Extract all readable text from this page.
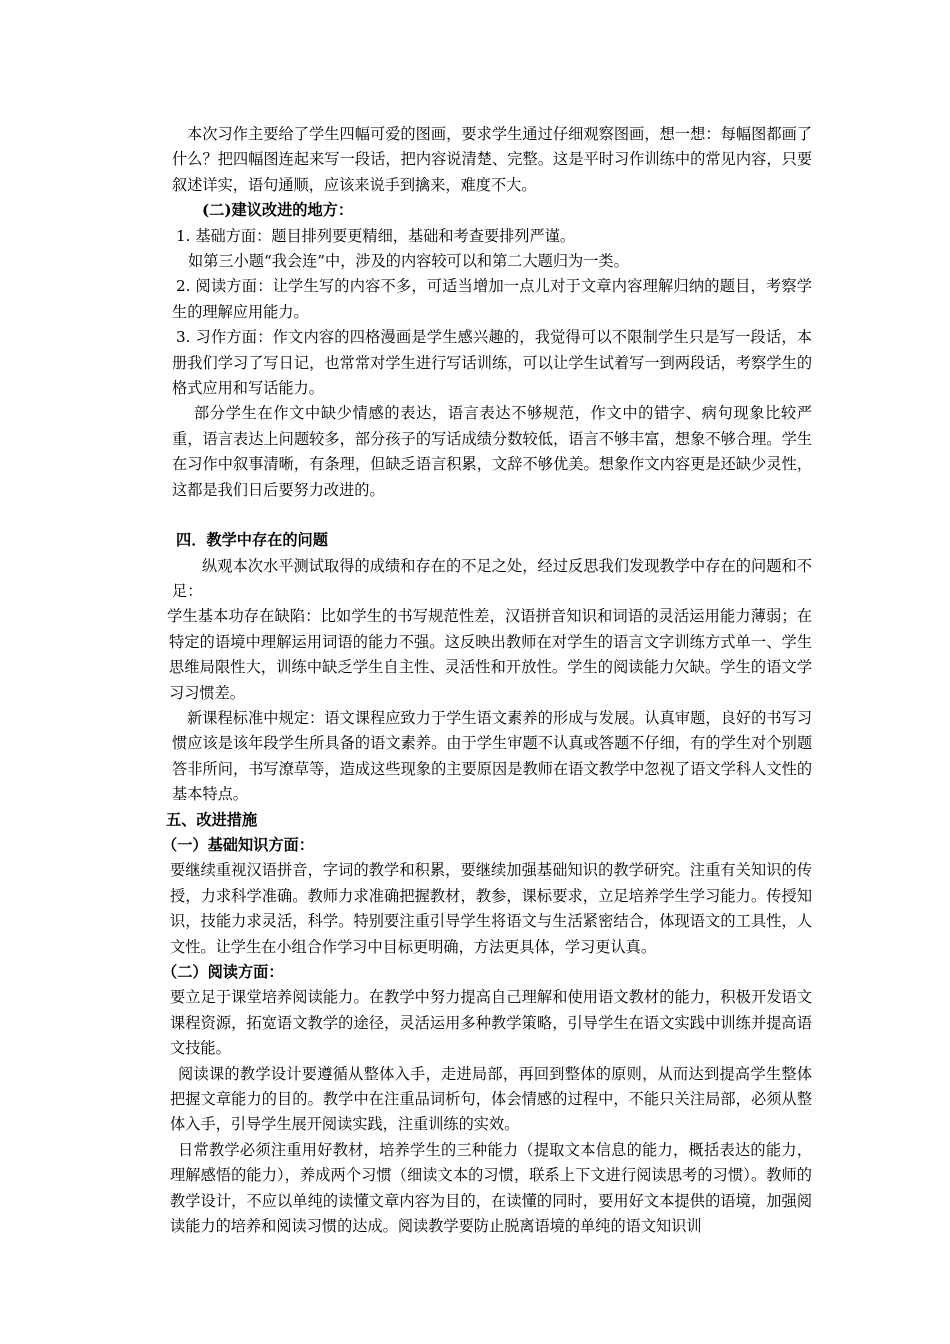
本次习作主要给了学生四幅可爱的图画，要求学生通过仔细观察图画，想一想：每幅图都画了什么？把四幅图连起来写一段话，把内容说清楚、完整。这是平时习作训练中的常见内容，只要叙述详实，语句通顺，应该来说手到擒来，难度不大。

(二)建议改进的地方：

1. 基础方面：题目排列要更精细，基础和考查要排列严谨。

如第三小题“我会连”中，涉及的内容较可以和第二大题归为一类。

2. 阅读方面：让学生写的内容不多，可适当增加一点儿对于文章内容理解归纳的题目，考察学生的理解应用能力。

3. 习作方面：作文内容的四格漫画是学生感兴趣的，我觉得可以不限制学生只是写一段话，本册我们学习了写日记，也常常对学生进行写话训练，可以让学生试着写一到两段话，考察学生的格式应用和写话能力。

部分学生在作文中缺少情感的表达，语言表达不够规范，作文中的错字、病句现象比较严重，语言表达上问题较多，部分孩子的写话成绩分数较低，语言不够丰富，想象不够合理。学生在习作中叙事清晰，有条理，但缺乏语言积累，文辞不够优美。想象作文内容更是还缺少灵性，这都是我们日后要努力改进的。

四．教学中存在的问题

纵观本次水平测试取得的成绩和存在的不足之处，经过反思我们发现教学中存在的问题和不足：

学生基本功存在缺陷：比如学生的书写规范性差，汉语拼音知识和词语的灵活运用能力薄弱；在特定的语境中理解运用词语的能力不强。这反映出教师在对学生的语言文字训练方式单一、学生思维局限性大，训练中缺乏学生自主性、灵活性和开放性。学生的阅读能力欠缺。学生的语文学习习惯差。

新课程标准中规定：语文课程应致力于学生语文素养的形成与发展。认真审题，良好的书写习惯应该是该年段学生所具备的语文素养。由于学生审题不认真或答题不仔细，有的学生对个别题答非所问，书写潦草等，造成这些现象的主要原因是教师在语文教学中忽视了语文学科人文性的基本特点。

五、改进措施

（一）基础知识方面：

要继续重视汉语拼音，字词的教学和积累，要继续加强基础知识的教学研究。注重有关知识的传授，力求科学准确。教师力求准确把握教材，教参，课标要求，立足培养学生学习能力。传授知识，技能力求灵活，科学。特别要注重引导学生将语文与生活紧密结合，体现语文的工具性，人文性。让学生在小组合作学习中目标更明确，方法更具体，学习更认真。

（二）阅读方面：

要立足于课堂培养阅读能力。在教学中努力提高自己理解和使用语文教材的能力，积极开发语文课程资源，拓宽语文教学的途径，灵活运用多种教学策略，引导学生在语文实践中训练并提高语文技能。

阅读课的教学设计要遵循从整体入手，走进局部，再回到整体的原则，从而达到提高学生整体把握文章能力的目的。教学中在注重品词析句，体会情感的过程中，不能只关注局部，必须从整体入手，引导学生展开阅读实践，注重训练的实效。

日常教学必须注重用好教材，培养学生的三种能力（提取文本信息的能力，概括表达的能力，理解感悟的能力），养成两个习惯（细读文本的习惯，联系上下文进行阅读思考的习惯）。教师的教学设计，不应以单纯的读懂文章内容为目的，在读懂的同时，要用好文本提供的语境，加强阅读能力的培养和阅读习惯的达成。阅读教学要防止脱离语境的单纯的语文知识训
